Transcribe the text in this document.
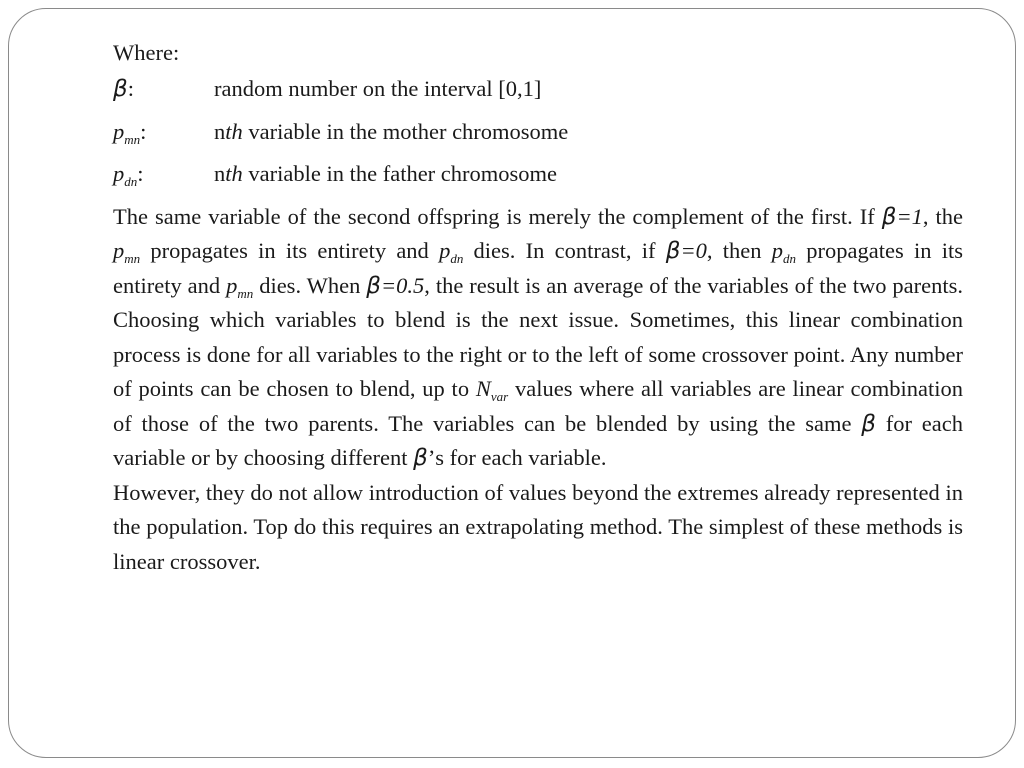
Where:
β:	random number on the interval [0,1]
$p_{mn}$:	nth variable in the mother chromosome
$p_{dn}$:	nth variable in the father chromosome

The same variable of the second offspring is merely the complement of the first. If β=1, the $p_{mn}$ propagates in its entirety and $p_{dn}$ dies. In contrast, if β=0, then $p_{dn}$ propagates in its entirety and $p_{mn}$ dies. When β=0.5, the result is an average of the variables of the two parents. Choosing which variables to blend is the next issue. Sometimes, this linear combination process is done for all variables to the right or to the left of some crossover point. Any number of points can be chosen to blend, up to $N_{var}$ values where all variables are linear combination of those of the two parents. The variables can be blended by using the same β for each variable or by choosing different β’s for each variable.

However, they do not allow introduction of values beyond the extremes already represented in the population. Top do this requires an extrapolating method. The simplest of these methods is linear crossover.
